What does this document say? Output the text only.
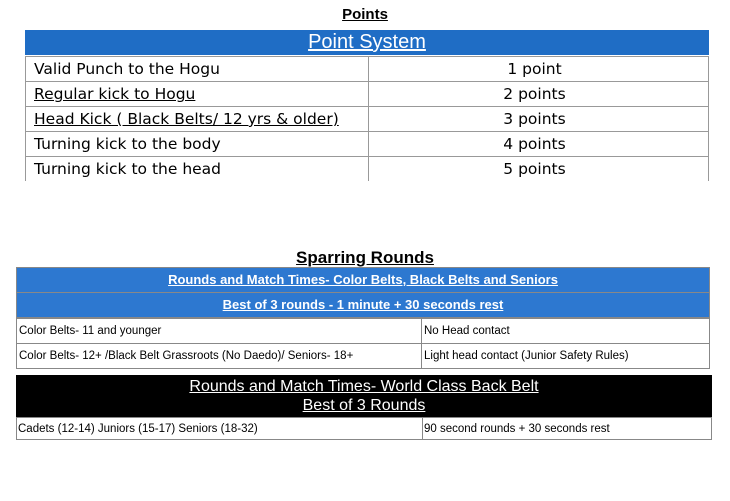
Points
Point System
Valid Punch to the Hogu	1 point
Regular kick to Hogu	2 points
Head Kick ( Black Belts/ 12 yrs & older)	3 points
Turning kick to the body	4 points
Turning kick to the head	5 points
Sparring Rounds
Rounds and Match Times- Color Belts, Black Belts and Seniors
Best of 3 rounds - 1 minute + 30 seconds rest
Color Belts- 11 and younger	No Head contact
Color Belts- 12+ /Black Belt Grassroots (No Daedo)/ Seniors- 18+	Light head contact (Junior Safety Rules)
Rounds and Match Times- World Class Back Belt
Best of 3 Rounds
Cadets (12-14) Juniors (15-17) Seniors (18-32)	90 second rounds + 30 seconds rest
